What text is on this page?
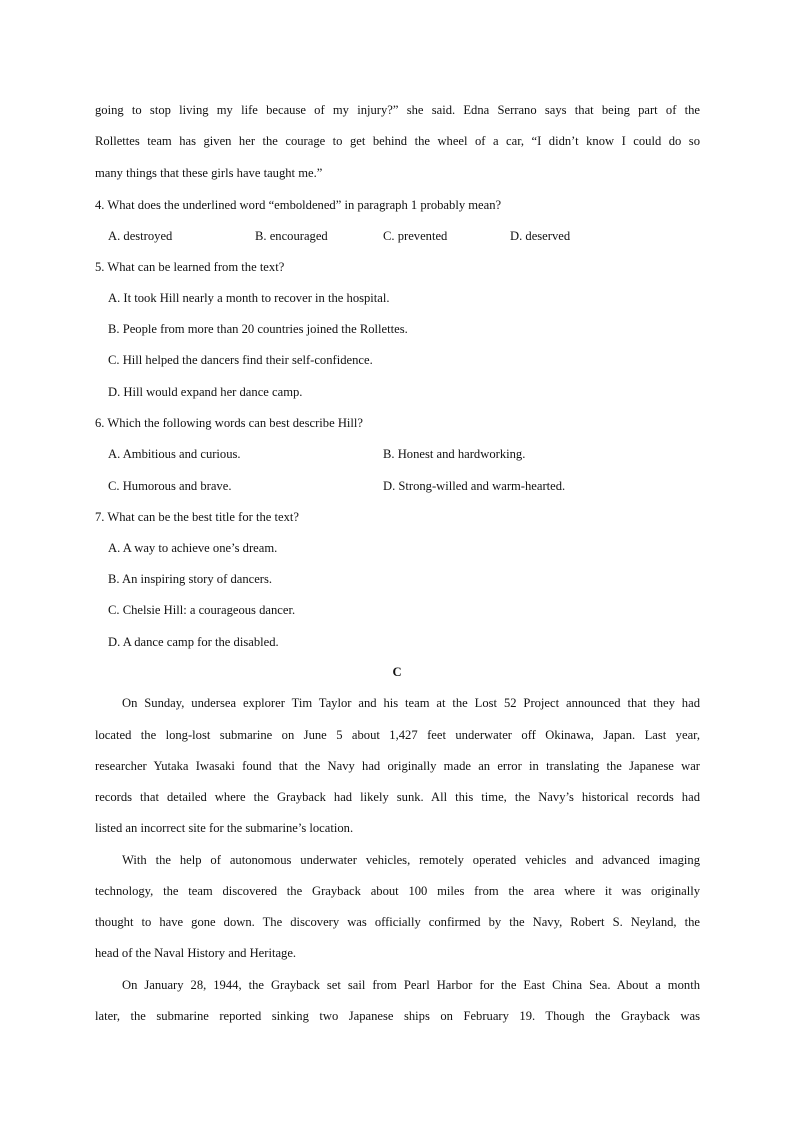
going to stop living my life because of my injury?” she said. Edna Serrano says that being part of the
Rollettes team has given her the courage to get behind the wheel of a car, “I didn’t know I could do so
many things that these girls have taught me.”
4. What does the underlined word “emboldened” in paragraph 1 probably mean?
A. destroyed	B. encouraged	C. prevented	D. deserved
5. What can be learned from the text?
A. It took Hill nearly a month to recover in the hospital.
B. People from more than 20 countries joined the Rollettes.
C. Hill helped the dancers find their self-confidence.
D. Hill would expand her dance camp.
6. Which the following words can best describe Hill?
A. Ambitious and curious.	B. Honest and hardworking.
C. Humorous and brave.	D. Strong-willed and warm-hearted.
7. What can be the best title for the text?
A. A way to achieve one’s dream.
B. An inspiring story of dancers.
C. Chelsie Hill: a courageous dancer.
D. A dance camp for the disabled.
C
On Sunday, undersea explorer Tim Taylor and his team at the Lost 52 Project announced that they had
located the long-lost submarine on June 5 about 1,427 feet underwater off Okinawa, Japan. Last year,
researcher Yutaka Iwasaki found that the Navy had originally made an error in translating the Japanese war
records that detailed where the Grayback had likely sunk. All this time, the Navy’s historical records had
listed an incorrect site for the submarine’s location.
With the help of autonomous underwater vehicles, remotely operated vehicles and advanced imaging
technology, the team discovered the Grayback about 100 miles from the area where it was originally
thought to have gone down. The discovery was officially confirmed by the Navy, Robert S. Neyland, the
head of the Naval History and Heritage.
On January 28, 1944, the Grayback set sail from Pearl Harbor for the East China Sea. About a month
later, the submarine reported sinking two Japanese ships on February 19. Though the Grayback was
